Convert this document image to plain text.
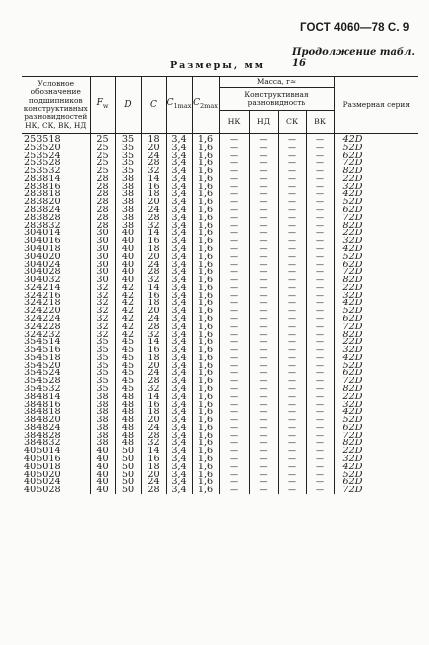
ГОСТ 4060—78 С. 9
Продолжение табл. 16
Размеры, мм
Условное обозначение подшипников конструктивных разновидностей НК, СК, ВК, НД	$F_w$	D	C	$C_{1max}$	$C_{2max}$	Масса, г≈				Размерная серия
						Конструктивная разновидность				
						НК	НД	СК	ВК	
253518	25	35	18	3,4	1,6	—	—	—	—	42D
253520	25	35	20	3,4	1,6	—	—	—	—	52D
253524	25	35	24	3,4	1,6	—	—	—	—	62D
253528	25	35	28	3,4	1,6	—	—	—	—	72D
253532	25	35	32	3,4	1,6	—	—	—	—	82D
283814	28	38	14	3,4	1,6	—	—	—	—	22D
283816	28	38	16	3,4	1,6	—	—	—	—	32D
283818	28	38	18	3,4	1,6	—	—	—	—	42D
283820	28	38	20	3,4	1,6	—	—	—	—	52D
283824	28	38	24	3,4	1,6	—	—	—	—	62D
283828	28	38	28	3,4	1,6	—	—	—	—	72D
283832	28	38	32	3,4	1,6	—	—	—	—	82D
304014	30	40	14	3,4	1,6	—	—	—	—	22D
304016	30	40	16	3,4	1,6	—	—	—	—	32D
304018	30	40	18	3,4	1,6	—	—	—	—	42D
304020	30	40	20	3,4	1,6	—	—	—	—	52D
304024	30	40	24	3,4	1,6	—	—	—	—	62D
304028	30	40	28	3,4	1,6	—	—	—	—	72D
304032	30	40	32	3,4	1,6	—	—	—	—	82D
324214	32	42	14	3,4	1,6	—	—	—	—	22D
324216	32	42	16	3,4	1,6	—	—	—	—	32D
324218	32	42	18	3,4	1,6	—	—	—	—	42D
324220	32	42	20	3,4	1,6	—	—	—	—	52D
324224	32	42	24	3,4	1,6	—	—	—	—	62D
324228	32	42	28	3,4	1,6	—	—	—	—	72D
324232	32	42	32	3,4	1,6	—	—	—	—	82D
354514	35	45	14	3,4	1,6	—	—	—	—	22D
354516	35	45	16	3,4	1,6	—	—	—	—	32D
354518	35	45	18	3,4	1,6	—	—	—	—	42D
354520	35	45	20	3,4	1,6	—	—	—	—	52D
354524	35	45	24	3,4	1,6	—	—	—	—	62D
354528	35	45	28	3,4	1,6	—	—	—	—	72D
354532	35	45	32	3,4	1,6	—	—	—	—	82D
384814	38	48	14	3,4	1,6	—	—	—	—	22D
384816	38	48	16	3,4	1,6	—	—	—	—	32D
384818	38	48	18	3,4	1,6	—	—	—	—	42D
384820	38	48	20	3,4	1,6	—	—	—	—	52D
384824	38	48	24	3,4	1,6	—	—	—	—	62D
384828	38	48	28	3,4	1,6	—	—	—	—	72D
384832	38	48	32	3,4	1,6	—	—	—	—	82D
405014	40	50	14	3,4	1,6	—	—	—	—	22D
405016	40	50	16	3,4	1,6	—	—	—	—	32D
405018	40	50	18	3,4	1,6	—	—	—	—	42D
405020	40	50	20	3,4	1,6	—	—	—	—	52D
405024	40	50	24	3,4	1,6	—	—	—	—	62D
405028	40	50	28	3,4	1,6	—	—	—	—	72D
